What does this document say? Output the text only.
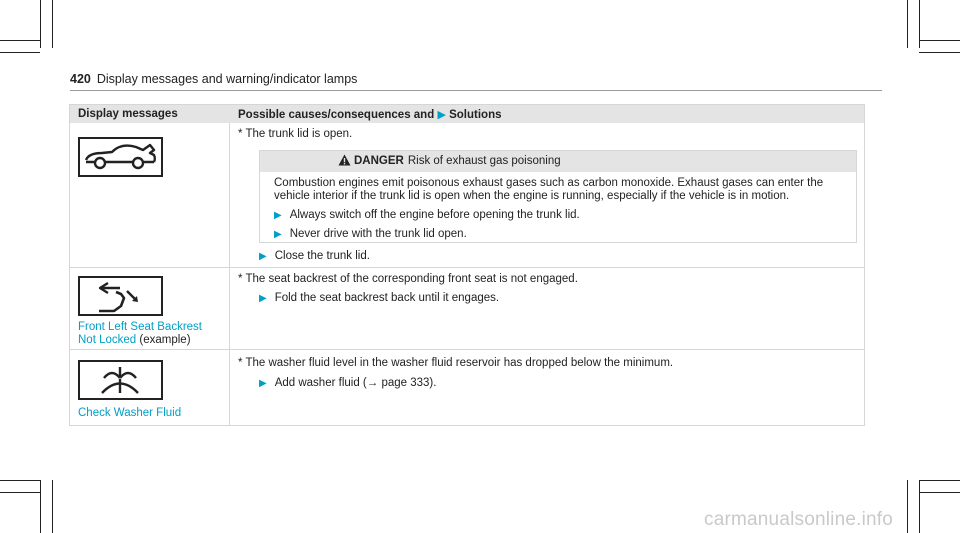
420 Display messages and warning/indicator lamps
Display messages	Possible causes/consequences and ▶ Solutions
* The trunk lid is open.
DANGER Risk of exhaust gas poisoning
Combustion engines emit poisonous exhaust gases such as carbon monoxide. Exhaust gases can enter the
vehicle interior if the trunk lid is open when the engine is running, especially if the vehicle is in motion.
▶ Always switch off the engine before opening the trunk lid.
▶ Never drive with the trunk lid open.
▶ Close the trunk lid.
Front Left Seat Backrest
Not Locked (example)
* The seat backrest of the corresponding front seat is not engaged.
▶ Fold the seat backrest back until it engages.
Check Washer Fluid
* The washer fluid level in the washer fluid reservoir has dropped below the minimum.
▶ Add washer fluid (→ page 333).
carmanualsonline.info
